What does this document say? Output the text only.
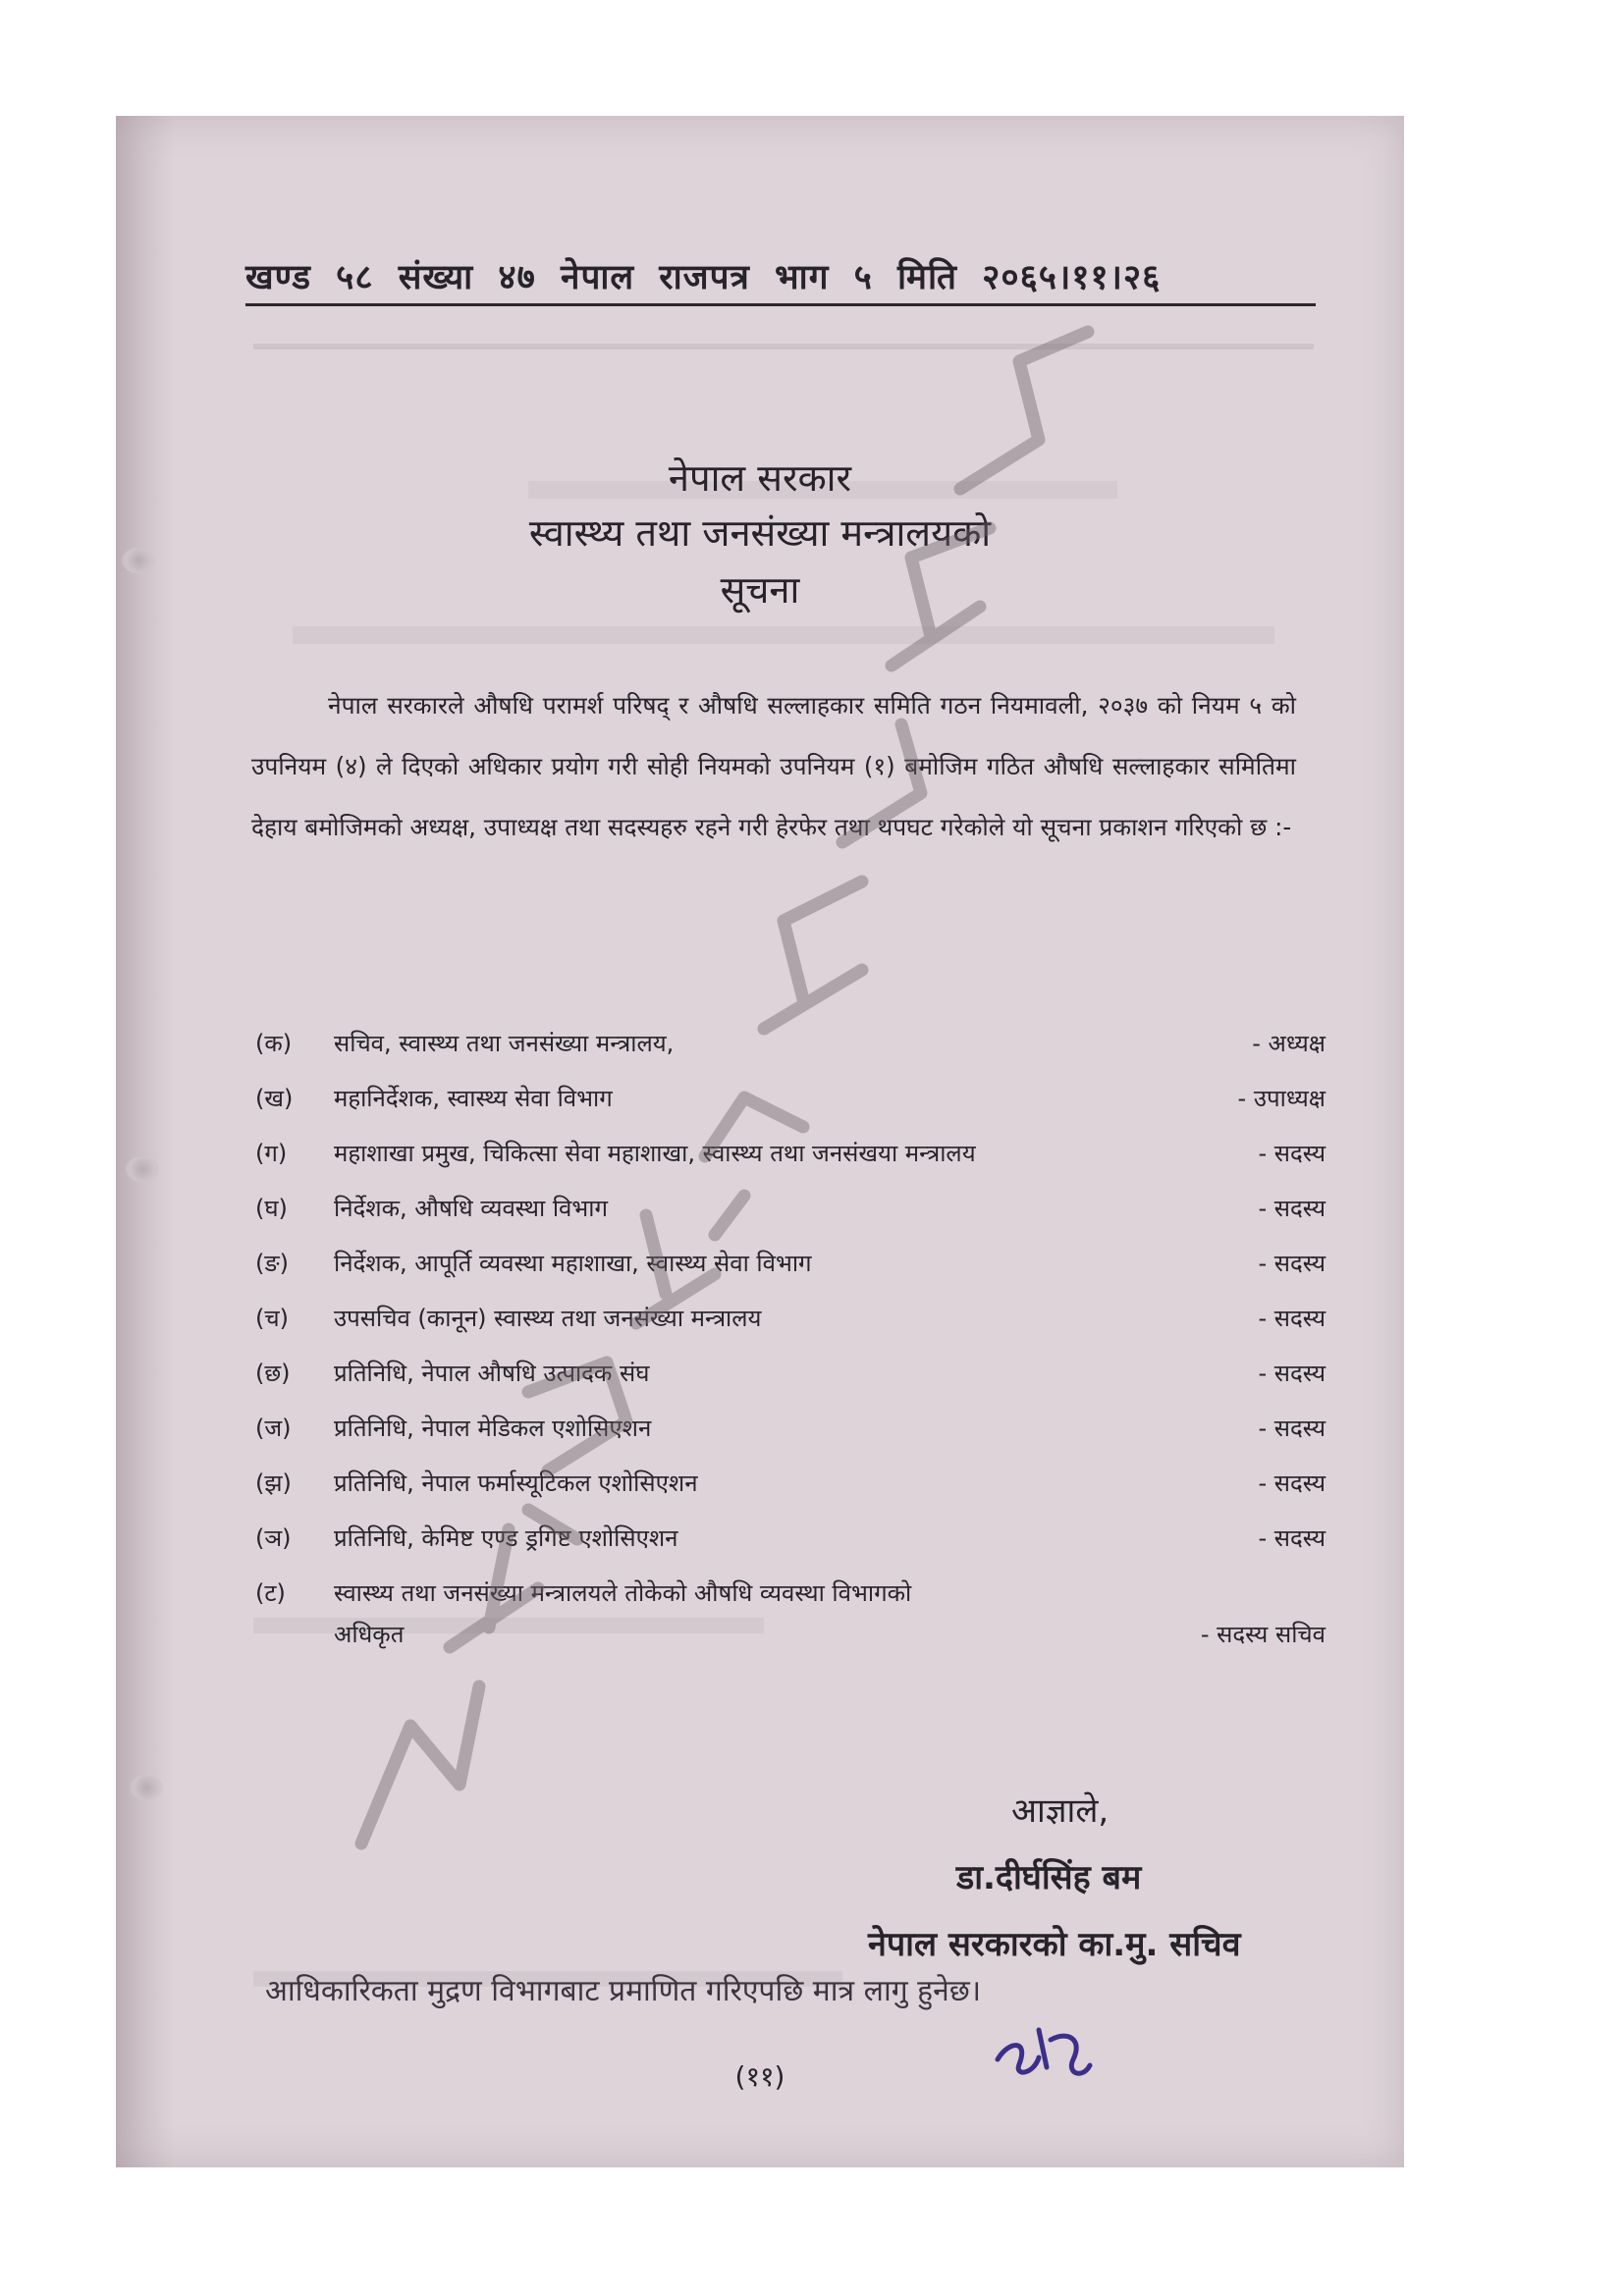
खण्ड ५८ संख्या ४७ नेपाल राजपत्र भाग ५ मिति २०६५।११।२६
नेपाल सरकार
स्वास्थ्य तथा जनसंख्या मन्त्रालयको
सूचना
नेपाल सरकारले औषधि परामर्श परिषद् र औषधि सल्लाहकार समिति गठन नियमावली, २०३७ को नियम ५ को उपनियम (४) ले दिएको अधिकार प्रयोग गरी सोही नियमको उपनियम (१) बमोजिम गठित औषधि सल्लाहकार समितिमा देहाय बमोजिमको अध्यक्ष, उपाध्यक्ष तथा सदस्यहरु रहने गरी हेरफेर तथा थपघट गरेकोले यो सूचना प्रकाशन गरिएको छ :-
(क)	सचिव, स्वास्थ्य तथा जनसंख्या मन्त्रालय,	- अध्यक्ष
(ख)	महानिर्देशक, स्वास्थ्य सेवा विभाग	- उपाध्यक्ष
(ग)	महाशाखा प्रमुख, चिकित्सा सेवा महाशाखा, स्वास्थ्य तथा जनसंखया मन्त्रालय	- सदस्य
(घ)	निर्देशक, औषधि व्यवस्था विभाग	- सदस्य
(ङ)	निर्देशक, आपूर्ति व्यवस्था महाशाखा, स्वास्थ्य सेवा विभाग	- सदस्य
(च)	उपसचिव (कानून) स्वास्थ्य तथा जनसंख्या मन्त्रालय	- सदस्य
(छ)	प्रतिनिधि, नेपाल औषधि उत्पादक संघ	- सदस्य
(ज)	प्रतिनिधि, नेपाल मेडिकल एशोसिएशन	- सदस्य
(झ)	प्रतिनिधि, नेपाल फर्मास्यूटिकल एशोसिएशन	- सदस्य
(ञ)	प्रतिनिधि, केमिष्ट एण्ड ड्रगिष्ट एशोसिएशन	- सदस्य
(ट)	स्वास्थ्य तथा जनसंख्या मन्त्रालयले तोकेको औषधि व्यवस्था विभागको
अधिकृत	- सदस्य सचिव
आज्ञाले,
डा.दीर्घसिंह बम
नेपाल सरकारको का.मु. सचिव
(११)
आधिकारिकता मुद्रण विभागबाट प्रमाणित गरिएपछि मात्र लागु हुनेछ।
